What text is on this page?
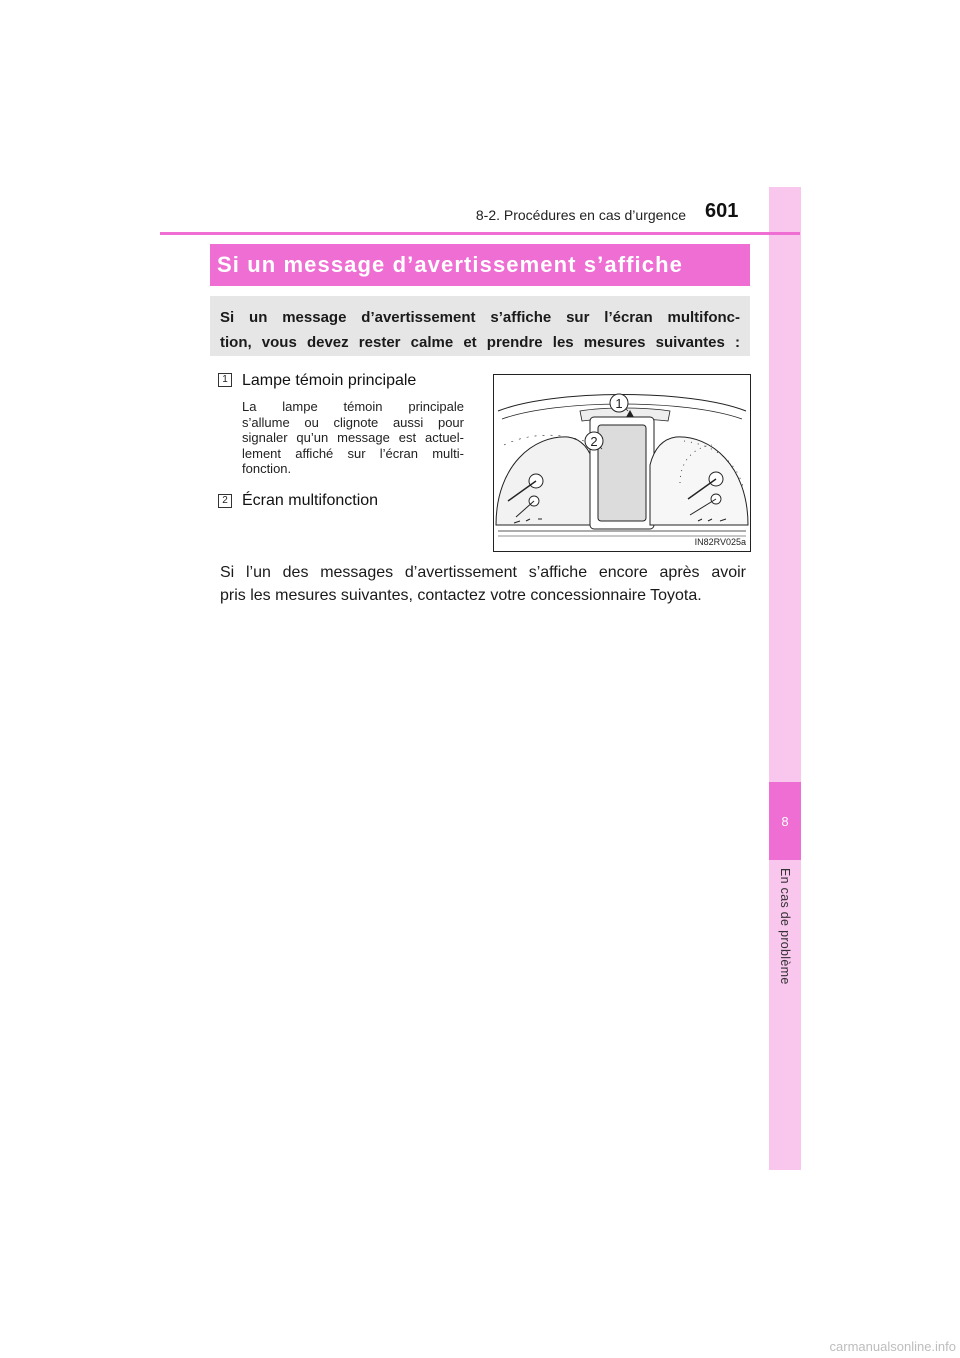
8
En cas de problème
8-2. Procédures en cas d’urgence 601
Si un message d’avertissement s’affiche
Si un message d’avertissement s’affiche sur l’écran multifonc-
tion, vous devez rester calme et prendre les mesures suivantes :
1 Lampe témoin principale
La lampe témoin principale
s’allume ou clignote aussi pour
signaler qu’un message est actuel-
lement affiché sur l’écran multi-
fonction.
2 Écran multifonction
1
2
IN82RV025a
Si l’un des messages d’avertissement s’affiche encore après avoir
pris les mesures suivantes, contactez votre concessionnaire Toyota.
carmanualsonline.info
